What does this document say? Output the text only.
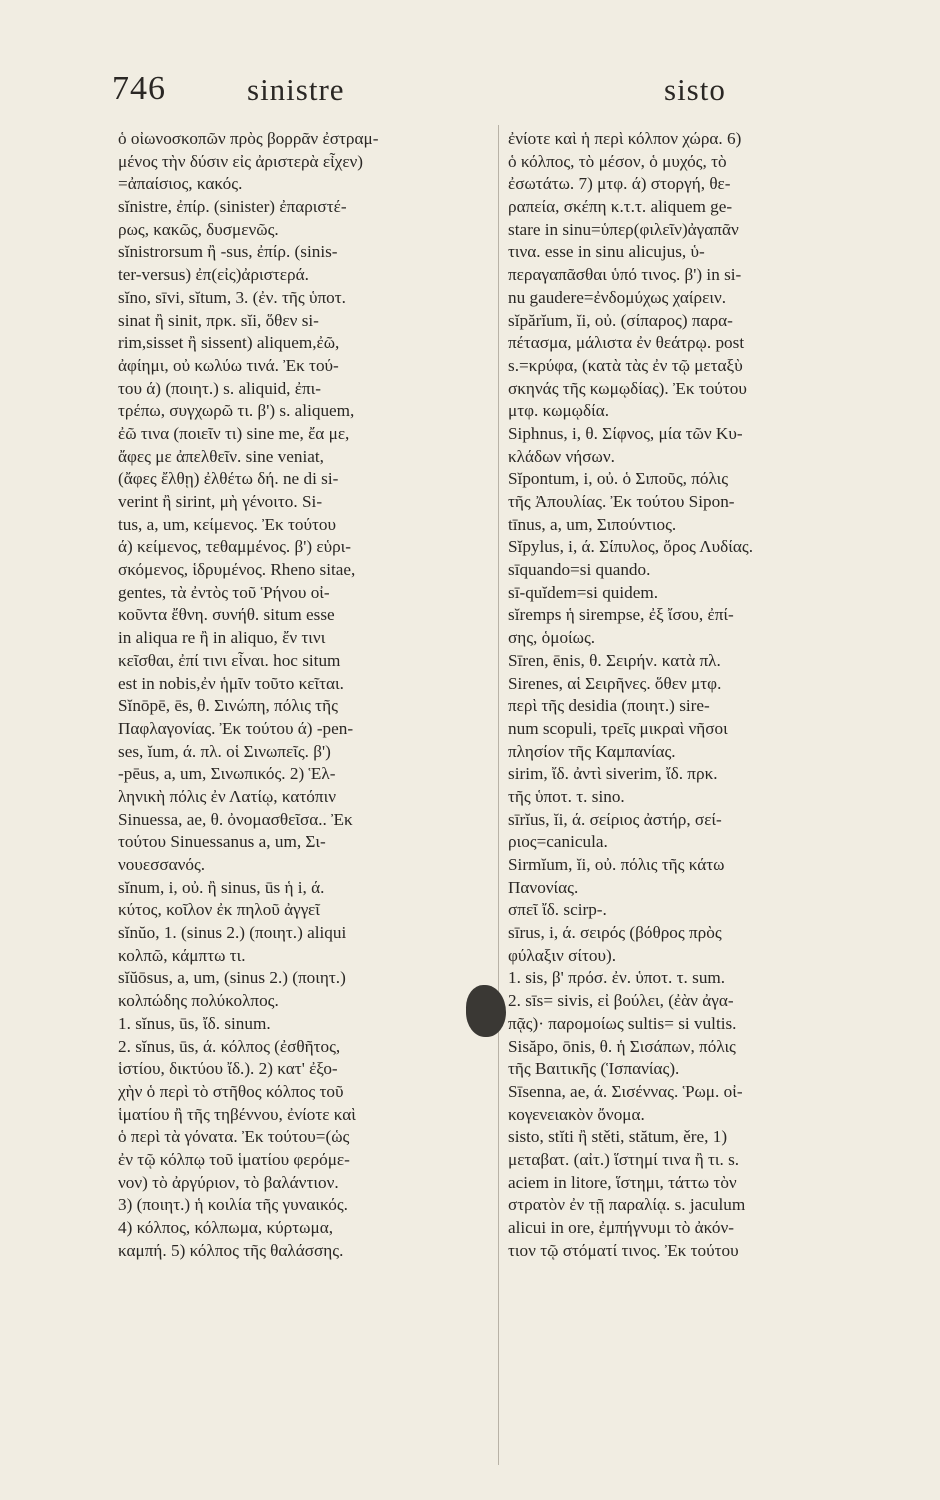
746	sinistre	sisto
ὁ οἰωνοσκοπῶν πρὸς βορρᾶν ἐστραμ-
μένος τὴν δύσιν εἰς ἀριστερὰ εἶχεν)
=ἀπαίσιος, κακός.
sĭnistre, ἐπίρ. (sinister) ἐπαριστέ-
ρως, κακῶς, δυσμενῶς.
sĭnistrorsum ἢ -sus, ἐπίρ. (sinis-
ter-versus) ἐπ(εἰς)ἀριστερά.
sĭno, sīvi, sĭtum, 3. (ἐν. τῆς ὑποτ.
sinat ἢ sinit, πρκ. sĭi, ὅθεν si-
rim,sisset ἢ sissent) aliquem,ἐῶ,
ἀφίημι, οὐ κωλύω τινά. Ἐκ τού-
του ά) (ποιητ.) s. aliquid, ἐπι-
τρέπω, συγχωρῶ τι. β') s. aliquem,
ἐῶ τινα (ποιεῖν τι) sine me, ἔα με,
ἄφες με ἀπελθεῖν. sine veniat,
(ἄφες ἔλθῃ) ἐλθέτω δή. ne di si-
verint ἢ sirint, μὴ γένοιτο. Si-
tus, a, um, κείμενος. Ἐκ τούτου
ά) κείμενος, τεθαμμένος. β') εὑρι-
σκόμενος, ἱδρυμένος. Rheno sitae,
gentes, τὰ ἐντὸς τοῦ Ῥήνου οἰ-
κοῦντα ἔθνη. συνήθ. situm esse
in aliqua re ἢ in aliquo, ἔν τινι
κεῖσθαι, ἐπί τινι εἶναι. hoc situm
est in nobis,ἐν ἡμῖν τοῦτο κεῖται.
Sĭnōpē, ēs, θ. Σινώπη, πόλις τῆς
Παφλαγονίας. Ἐκ τούτου ά) -pen-
ses, ĭum, ά. πλ. οἱ Σινωπεῖς. β')
-pēus, a, um, Σινωπικός. 2) Ἑλ-
ληνικὴ πόλις ἐν Λατίῳ, κατόπιν
Sinuessa, ae, θ. ὀνομασθεῖσα.. Ἐκ
τούτου Sinuessanus a, um, Σι-
νουεσσανός.
sĭnum, i, οὐ. ἢ sinus, ūs ἡ i, ά.
κύτος, κοῖλον ἐκ πηλοῦ ἀγγεῖ
sĭnŭo, 1. (sinus 2.) (ποιητ.) aliqui
κολπῶ, κάμπτω τι.
sĭŭōsus, a, um, (sinus 2.) (ποιητ.)
κολπώδης πολύκολπος.
1. sĭnus, ūs, ἴδ. sinum.
2. sĭnus, ūs, ά. κόλπος (ἐσθῆτος,
ἱστίου, δικτύου ἴδ.). 2) κατ' ἐξο-
χὴν ὁ περὶ τὸ στῆθος κόλπος τοῦ
ἱματίου ἢ τῆς τηβέννου, ἐνίοτε καὶ
ὁ περὶ τὰ γόνατα. Ἐκ τούτου=(ὡς
ἐν τῷ κόλπῳ τοῦ ἱματίου φερόμε-
νον) τὸ ἀργύριον, τὸ βαλάντιον.
3) (ποιητ.) ἡ κοιλία τῆς γυναικός.
4) κόλπος, κόλπωμα, κύρτωμα,
καμπή. 5) κόλπος τῆς θαλάσσης.
ἐνίοτε καὶ ἡ περὶ κόλπον χώρα. 6)
ὁ κόλπος, τὸ μέσον, ὁ μυχός, τὸ
ἐσωτάτω. 7) μτφ. ά) στοργή, θε-
ραπεία, σκέπη κ.τ.τ. aliquem ge-
stare in sinu=ὑπερ(φιλεῖν)ἀγαπᾶν
τινα. esse in sinu alicujus, ὑ-
περαγαπᾶσθαι ὑπό τινος. β') in si-
nu gaudere=ἐνδομύχως χαίρειν.
sĭpărĭum, ĭi, οὐ. (σίπαρος) παρα-
πέτασμα, μάλιστα ἐν θεάτρῳ. post
s.=κρύφα, (κατὰ τὰς ἐν τῷ μεταξὺ
σκηνάς τῆς κωμῳδίας). Ἐκ τούτου
μτφ. κωμῳδία.
Siphnus, i, θ. Σίφνος, μία τῶν Κυ-
κλάδων νήσων.
Sĭpontum, i, οὐ. ὁ Σιποῦς, πόλις
τῆς Ἀπουλίας. Ἐκ τούτου Sipon-
tīnus, a, um, Σιπούντιος.
Sĭpylus, i, ά. Σίπυλος, ὄρος Λυδίας.
sīquando=si quando.
sī-quĭdem=si quidem.
sĭremps ἡ sirempse, ἐξ ἴσου, ἐπί-
σης, ὁμοίως.
Sīren, ēnis, θ. Σειρήν. κατὰ πλ.
Sirenes, αἱ Σειρῆνες. ὅθεν μτφ.
περὶ τῆς desidia (ποιητ.) sire-
num scopuli, τρεῖς μικραὶ νῆσοι
πλησίον τῆς Καμπανίας.
sirim, ἴδ. ἀντὶ siverim, ἴδ. πρκ.
τῆς ὑποτ. τ. sino.
sīrĭus, ĭi, ά. σείριος ἀστήρ, σεί-
ριος=canicula.
Sirmĭum, ĭi, οὐ. πόλις τῆς κάτω
Πανονίας.
σπεῖ ἴδ. scirp-.
sīrus, i, ά. σειρός (βόθρος πρὸς
φύλαξιν σίτου).
1. sis, β' πρόσ. ἐν. ὑποτ. τ. sum.
2. sīs= sivis, εἰ βούλει, (ἐὰν ἀγα-
πᾷς)· παρομοίως sultis= si vultis.
Sisăpo, ōnis, θ. ἡ Σισάπων, πόλις
τῆς Βαιτικῆς (Ἱσπανίας).
Sīsenna, ae, ά. Σισέννας. Ῥωμ. οἰ-
κογενειακὸν ὄνομα.
sisto, stĭti ἢ stěti, stătum, ěre, 1)
μεταβατ. (αἰτ.) ἵστημί τινα ἢ τι. s.
aciem in litore, ἵστημι, τάττω τὸν
στρατὸν ἐν τῇ παραλίᾳ. s. jaculum
alicui in ore, ἐμπήγνυμι τὸ ἀκόν-
τιον τῷ στόματί τινος. Ἐκ τούτου
